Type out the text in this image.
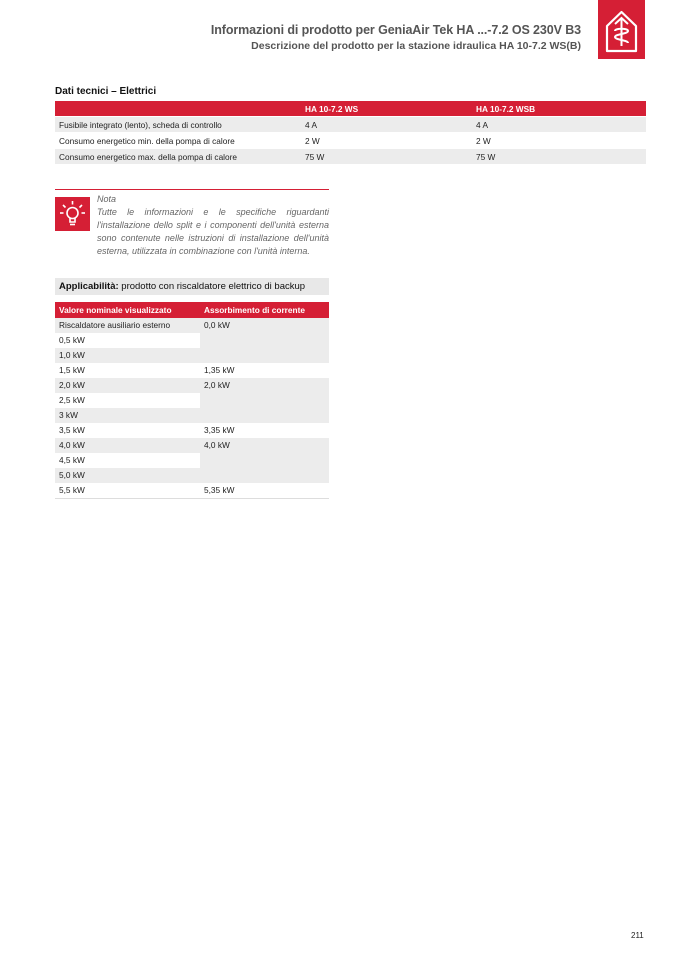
Informazioni di prodotto per GeniaAir Tek HA ...-7.2 OS 230V B3
Descrizione del prodotto per la stazione idraulica HA 10-7.2 WS(B)
Dati tecnici – Elettrici
	HA 10-7.2 WS	HA 10-7.2 WSB
Fusibile integrato (lento), scheda di controllo	4 A	4 A
Consumo energetico min. della pompa di calore	2 W	2 W
Consumo energetico max. della pompa di calore	75 W	75 W
Nota
Tutte le informazioni e le specifiche riguardanti l'installazione dello split e i componenti dell'unità esterna sono contenute nelle istruzioni di installazione dell'unità esterna, utilizzata in combinazione con l'unità interna.
Applicabilità: prodotto con riscaldatore elettrico di backup
Valore nominale visualizzato	Assorbimento di corrente
Riscaldatore ausiliario esterno	0,0 kW
0,5 kW	
1,0 kW	
1,5 kW	1,35 kW
2,0 kW	2,0 kW
2,5 kW	
3 kW	
3,5 kW	3,35 kW
4,0 kW	4,0 kW
4,5 kW	
5,0 kW	
5,5 kW	5,35 kW
211
